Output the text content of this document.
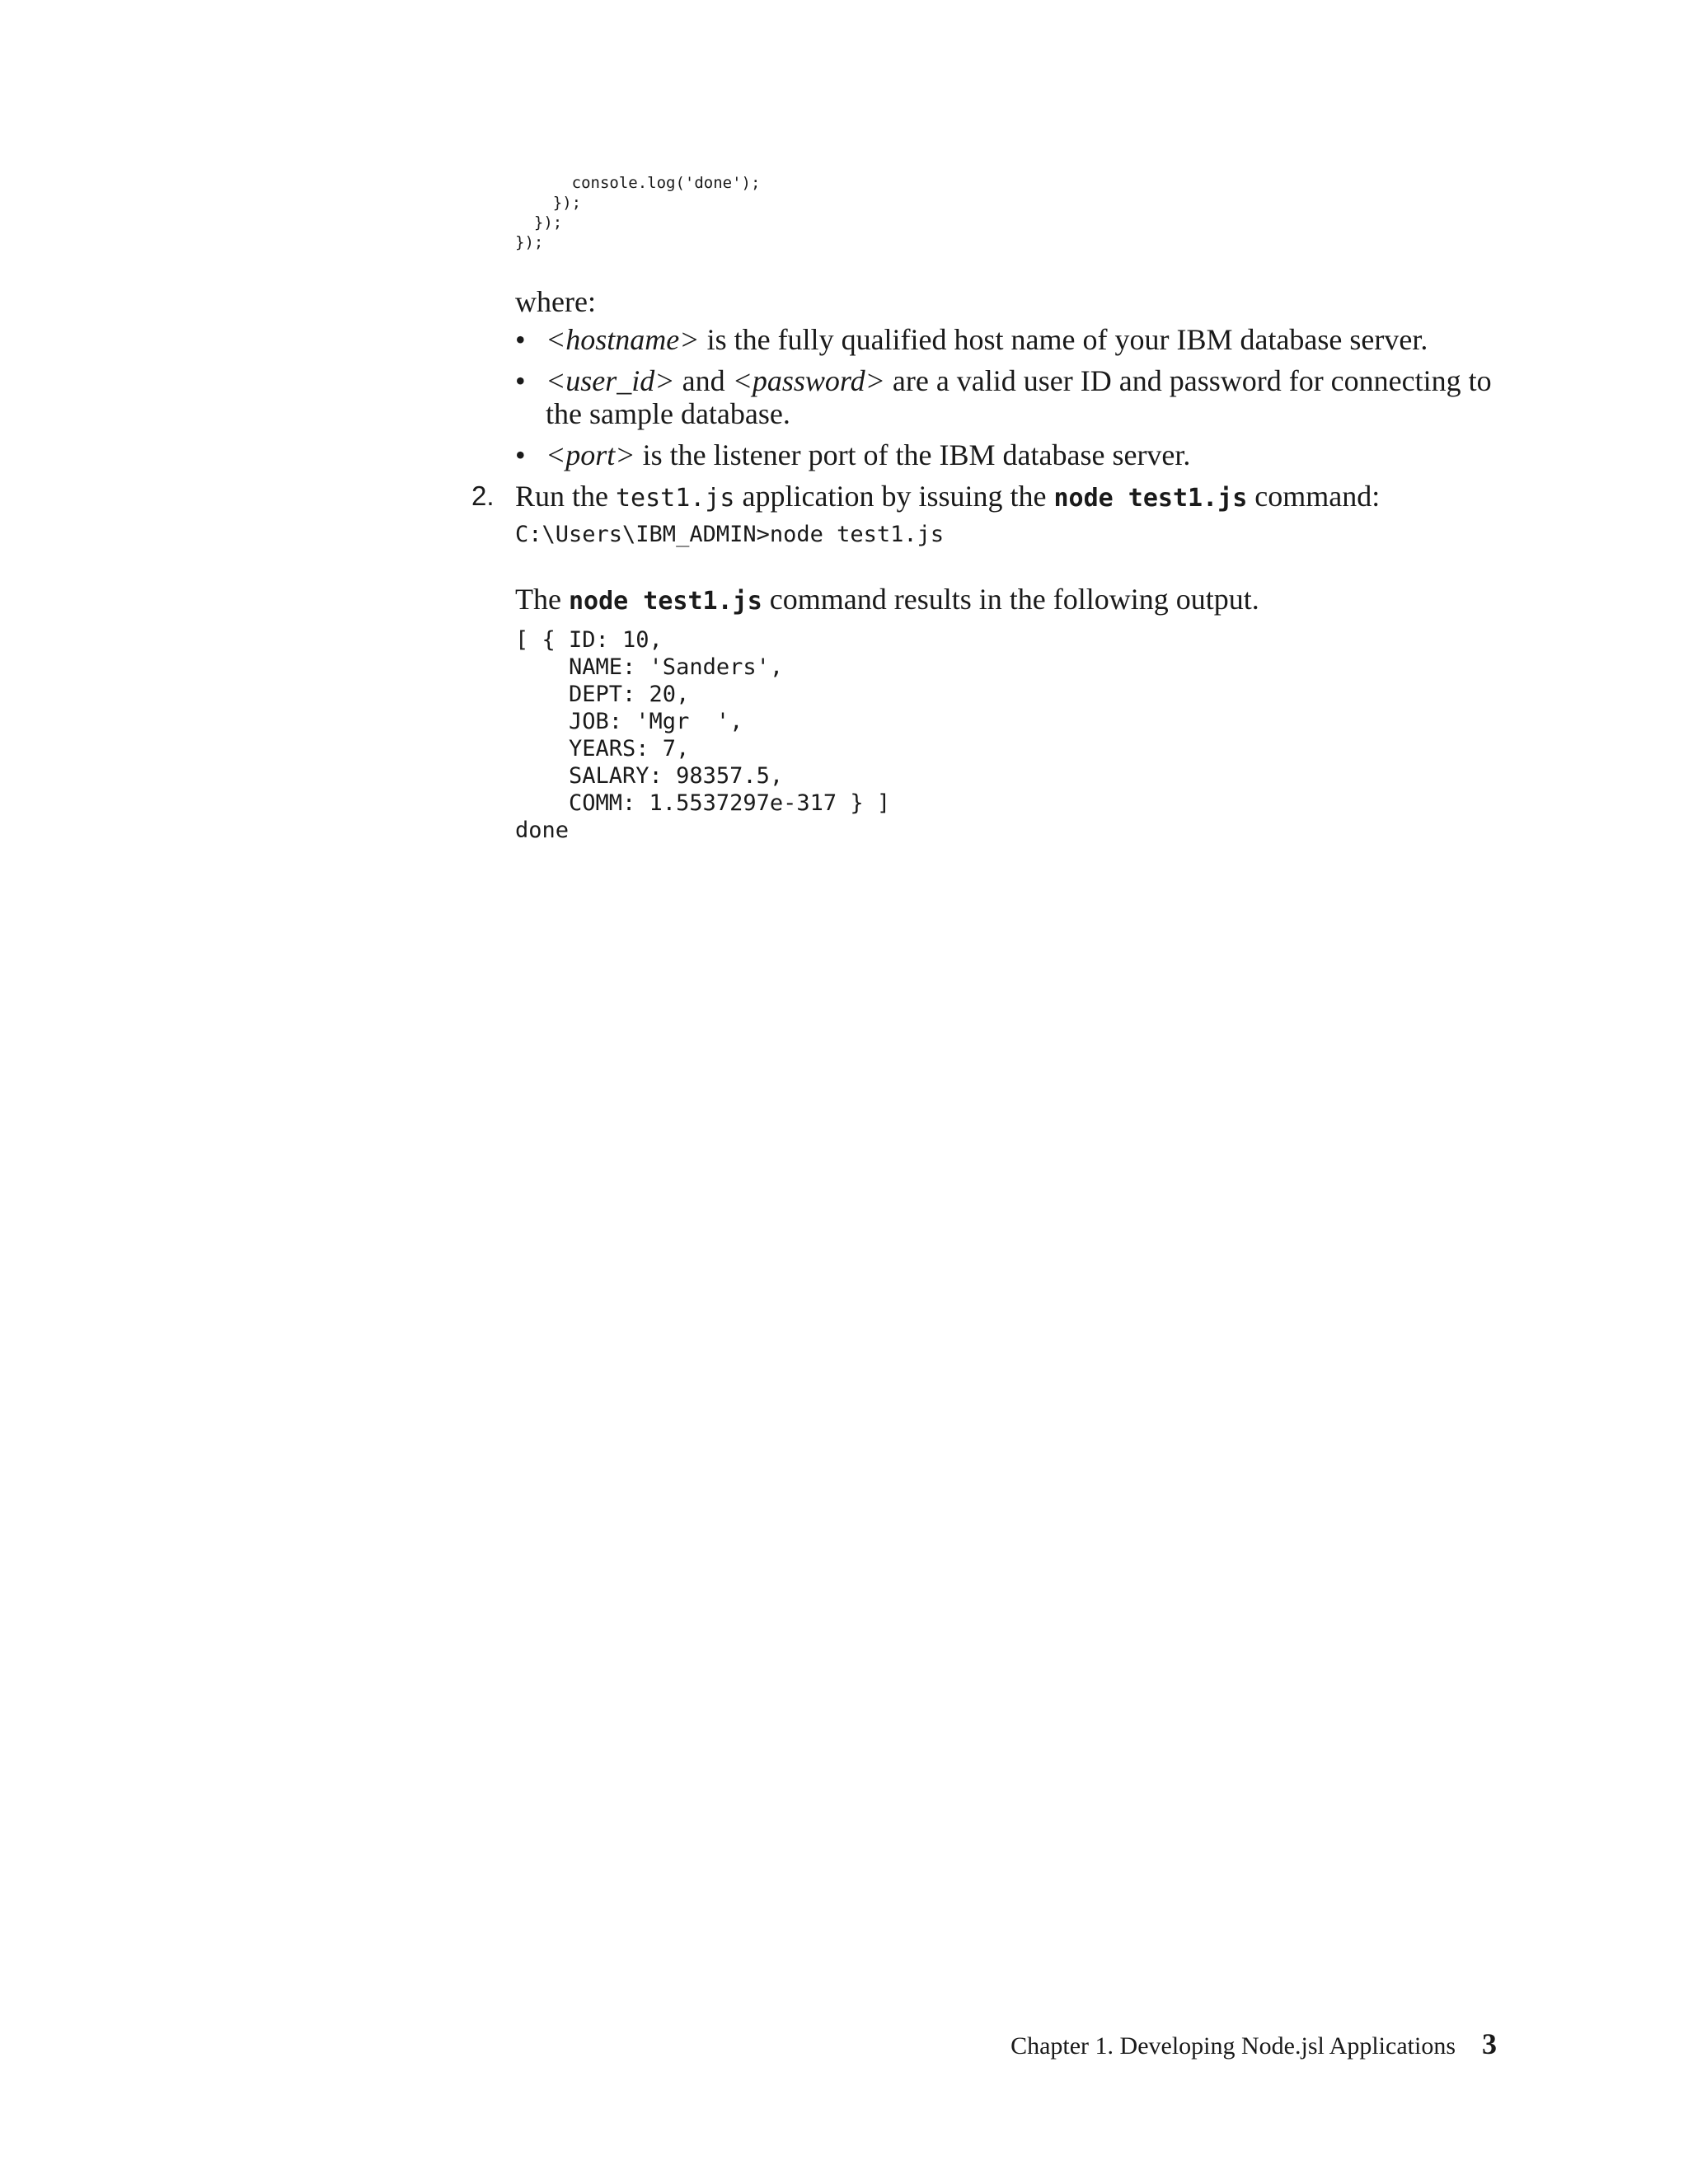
console.log('done');
});
});
});
where:
• <hostname> is the fully qualified host name of your IBM database server.
• <user_id> and <password> are a valid user ID and password for connecting to the sample database.
• <port> is the listener port of the IBM database server.
2. Run the test1.js application by issuing the node test1.js command:
C:\Users\IBM_ADMIN>node test1.js
The node test1.js command results in the following output.
[ { ID: 10,
NAME: 'Sanders',
DEPT: 20,
JOB: 'Mgr  ',
YEARS: 7,
SALARY: 98357.5,
COMM: 1.5537297e-317 } ]
done
Chapter 1. Developing Node.jsl Applications 3
